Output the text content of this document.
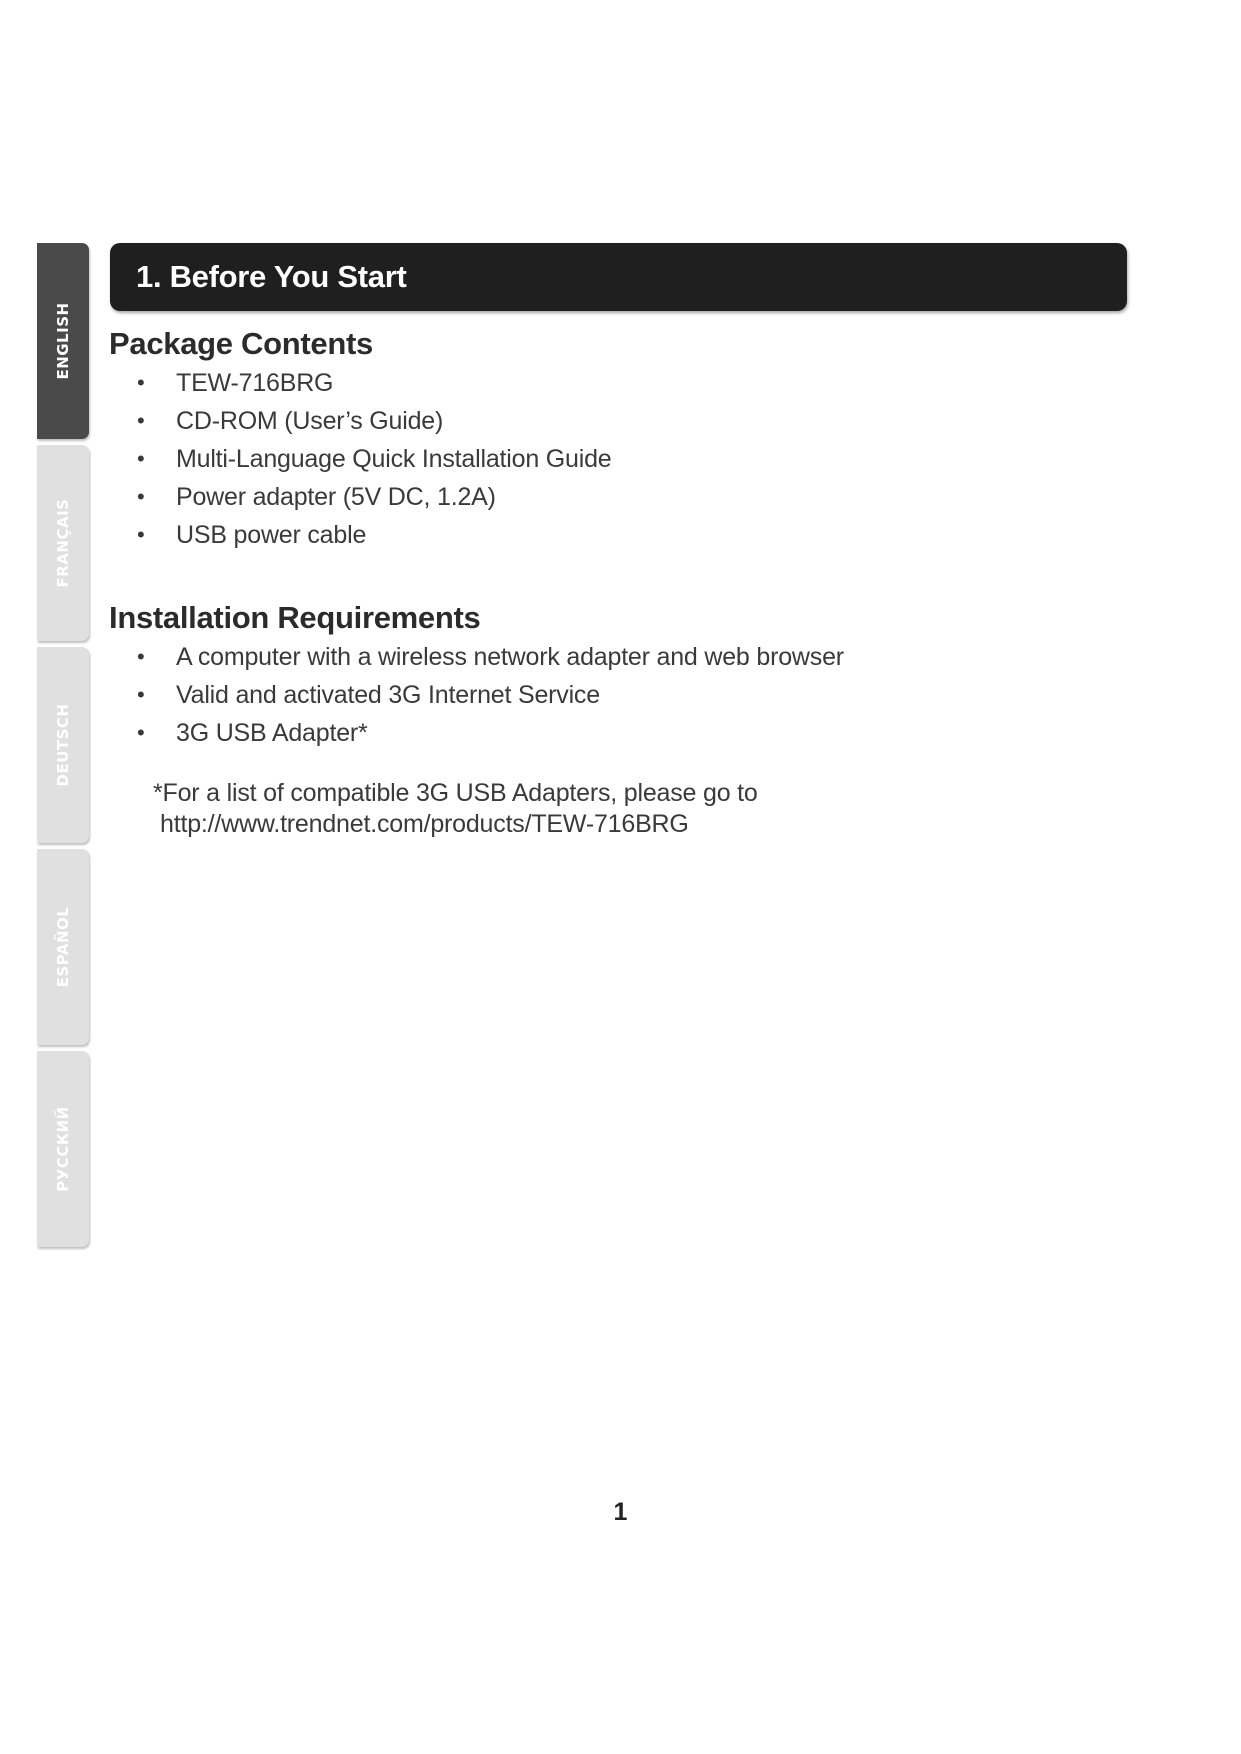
ENGLISH
FRANÇAIS
DEUTSCH
ESPAÑOL
РУССКИЙ
1. Before You Start
Package Contents
• TEW-716BRG
• CD-ROM (User’s Guide)
• Multi-Language Quick Installation Guide
• Power adapter (5V DC, 1.2A)
• USB power cable
Installation Requirements
• A computer with a wireless network adapter and web browser
• Valid and activated 3G Internet Service
• 3G USB Adapter*
*For a list of compatible 3G USB Adapters, please go to
http://www.trendnet.com/products/TEW-716BRG
1
